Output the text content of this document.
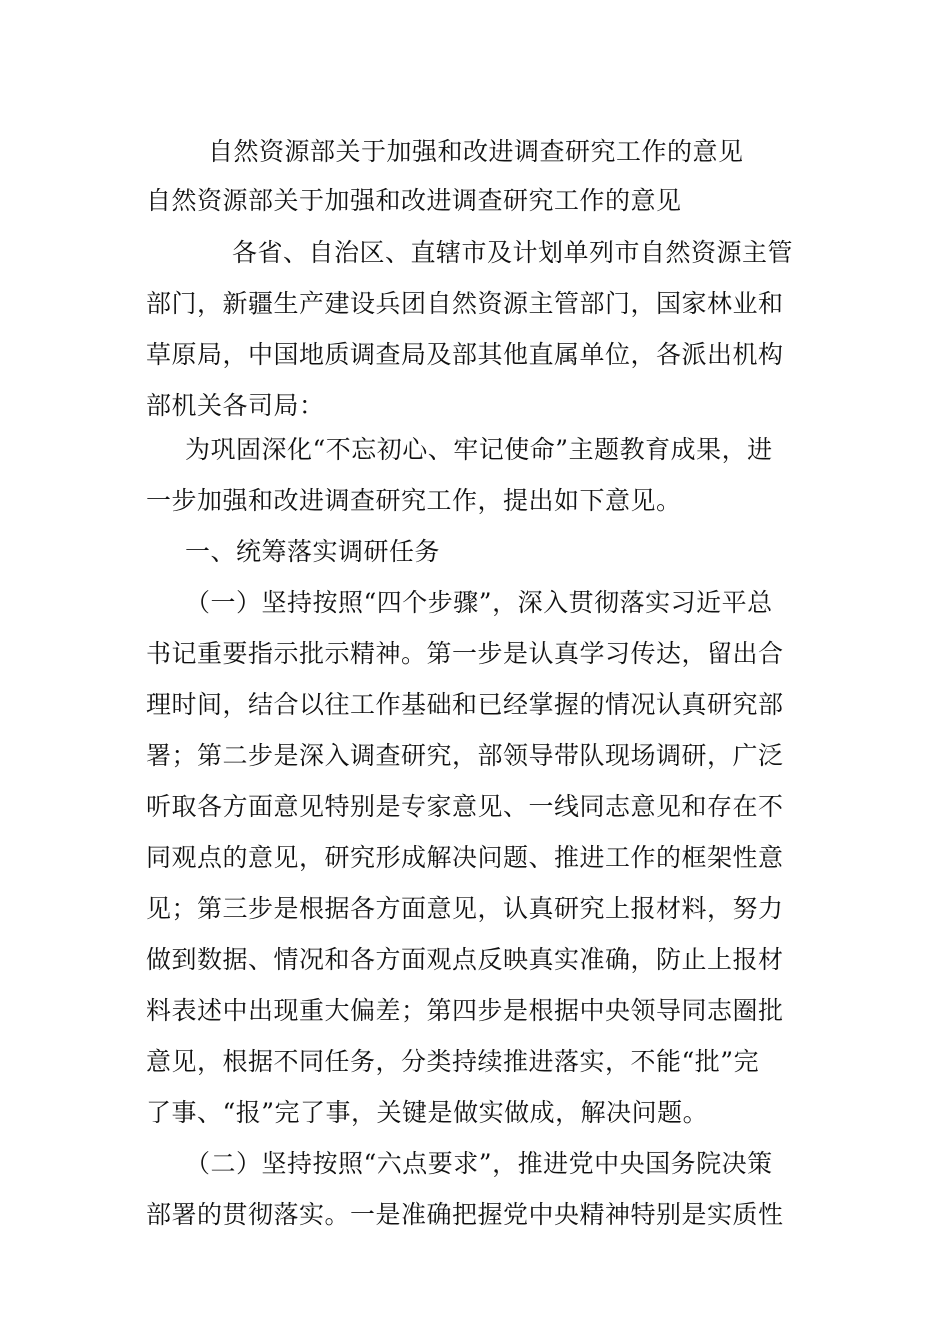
自然资源部关于加强和改进调查研究工作的意见
自然资源部关于加强和改进调查研究工作的意见
各省、自治区、直辖市及计划单列市自然资源主管
部门，新疆生产建设兵团自然资源主管部门，国家林业和
草原局，中国地质调查局及部其他直属单位，各派出机构
部机关各司局：
为巩固深化“不忘初心、牢记使命”主题教育成果，进
一步加强和改进调查研究工作，提出如下意见。
一、统筹落实调研任务
（一）坚持按照“四个步骤”，深入贯彻落实习近平总
书记重要指示批示精神。第一步是认真学习传达，留出合
理时间，结合以往工作基础和已经掌握的情况认真研究部
署；第二步是深入调查研究，部领导带队现场调研，广泛
听取各方面意见特别是专家意见、一线同志意见和存在不
同观点的意见，研究形成解决问题、推进工作的框架性意
见；第三步是根据各方面意见，认真研究上报材料，努力
做到数据、情况和各方面观点反映真实准确，防止上报材
料表述中出现重大偏差；第四步是根据中央领导同志圈批
意见，根据不同任务，分类持续推进落实，不能“批”完
了事、“报”完了事，关键是做实做成，解决问题。
（二）坚持按照“六点要求”，推进党中央国务院决策
部署的贯彻落实。一是准确把握党中央精神特别是实质性
